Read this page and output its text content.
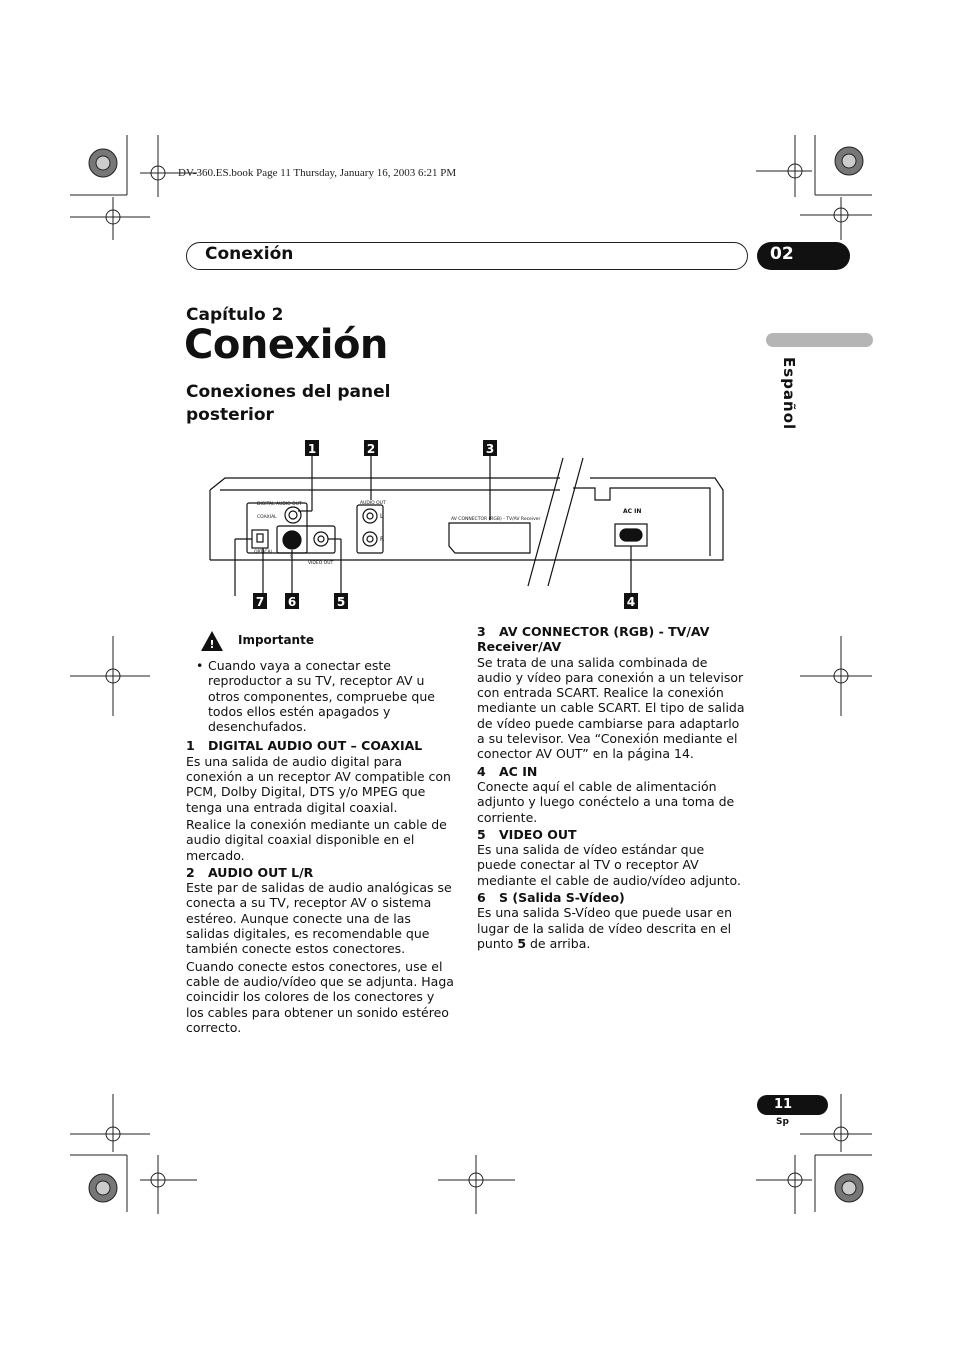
DV-360.ES.book Page 11 Thursday, January 16, 2003 6:21 PM
Conexión	02
Español
Capítulo 2
Conexión
Conexiones del panel posterior
1	2	3
DIGITAL AUDIO OUT
COAXIAL
OPTICAL
AUDIO OUT
L
R
S
VIDEO OUT
AV CONNECTOR (RGB) - TV/AV Receiver
AC IN
7 6	5	4
! Importante
• Cuando vaya a conectar este reproductor a su TV, receptor AV u otros componentes, compruebe que todos ellos estén apagados y desenchufados.
1 DIGITAL AUDIO OUT – COAXIAL

Es una salida de audio digital para conexión a un receptor AV compatible con PCM, Dolby Digital, DTS y/o MPEG que tenga una entrada digital coaxial.

Realice la conexión mediante un cable de audio digital coaxial disponible en el mercado.

2 AUDIO OUT L/R

Este par de salidas de audio analógicas se conecta a su TV, receptor AV o sistema estéreo. Aunque conecte una de las salidas digitales, es recomendable que también conecte estos conectores.

Cuando conecte estos conectores, use el cable de audio/vídeo que se adjunta. Haga coincidir los colores de los conectores y los cables para obtener un sonido estéreo correcto.

3 AV CONNECTOR (RGB) - TV/AV Receiver/AV

Se trata de una salida combinada de audio y vídeo para conexión a un televisor con entrada SCART. Realice la conexión mediante un cable SCART. El tipo de salida de vídeo puede cambiarse para adaptarlo a su televisor. Vea “Conexión mediante el conector AV OUT” en la página 14.

4 AC IN

Conecte aquí el cable de alimentación adjunto y luego conéctelo a una toma de corriente.

5 VIDEO OUT

Es una salida de vídeo estándar que puede conectar al TV o receptor AV mediante el cable de audio/vídeo adjunto.

6 S (Salida S-Vídeo)

Es una salida S-Vídeo que puede usar en lugar de la salida de vídeo descrita en el punto 5 de arriba.

11
Sp
